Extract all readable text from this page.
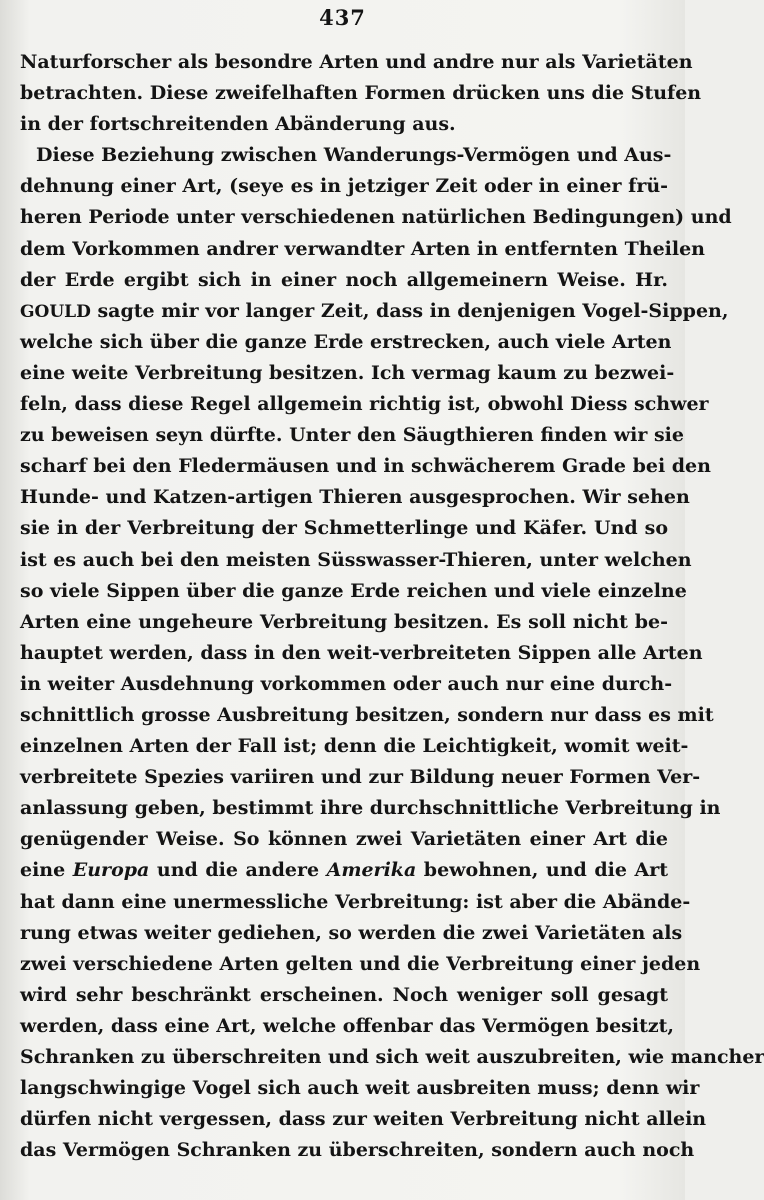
437
Naturforscher als besondre Arten und andre nur als Varietäten
betrachten. Diese zweifelhaften Formen drücken uns die Stufen
in der fortschreitenden Abänderung aus.
Diese Beziehung zwischen Wanderungs-Vermögen und Aus-
dehnung einer Art, (seye es in jetziger Zeit oder in einer frü-
heren Periode unter verschiedenen natürlichen Bedingungen) und
dem Vorkommen andrer verwandter Arten in entfernten Theilen
der Erde ergibt sich in einer noch allgemeinern Weise. Hr.
GOULD sagte mir vor langer Zeit, dass in denjenigen Vogel-Sippen,
welche sich über die ganze Erde erstrecken, auch viele Arten
eine weite Verbreitung besitzen. Ich vermag kaum zu bezwei-
feln, dass diese Regel allgemein richtig ist, obwohl Diess schwer
zu beweisen seyn dürfte. Unter den Säugthieren finden wir sie
scharf bei den Fledermäusen und in schwächerem Grade bei den
Hunde- und Katzen-artigen Thieren ausgesprochen. Wir sehen
sie in der Verbreitung der Schmetterlinge und Käfer. Und so
ist es auch bei den meisten Süsswasser-Thieren, unter welchen
so viele Sippen über die ganze Erde reichen und viele einzelne
Arten eine ungeheure Verbreitung besitzen. Es soll nicht be-
hauptet werden, dass in den weit-verbreiteten Sippen alle Arten
in weiter Ausdehnung vorkommen oder auch nur eine durch-
schnittlich grosse Ausbreitung besitzen, sondern nur dass es mit
einzelnen Arten der Fall ist; denn die Leichtigkeit, womit weit-
verbreitete Spezies variiren und zur Bildung neuer Formen Ver-
anlassung geben, bestimmt ihre durchschnittliche Verbreitung in
genügender Weise. So können zwei Varietäten einer Art die
eine Europa und die andere Amerika bewohnen, und die Art
hat dann eine unermessliche Verbreitung: ist aber die Abände-
rung etwas weiter gediehen, so werden die zwei Varietäten als
zwei verschiedene Arten gelten und die Verbreitung einer jeden
wird sehr beschränkt erscheinen. Noch weniger soll gesagt
werden, dass eine Art, welche offenbar das Vermögen besitzt,
Schranken zu überschreiten und sich weit auszubreiten, wie mancher
langschwingige Vogel sich auch weit ausbreiten muss; denn wir
dürfen nicht vergessen, dass zur weiten Verbreitung nicht allein
das Vermögen Schranken zu überschreiten, sondern auch noch
